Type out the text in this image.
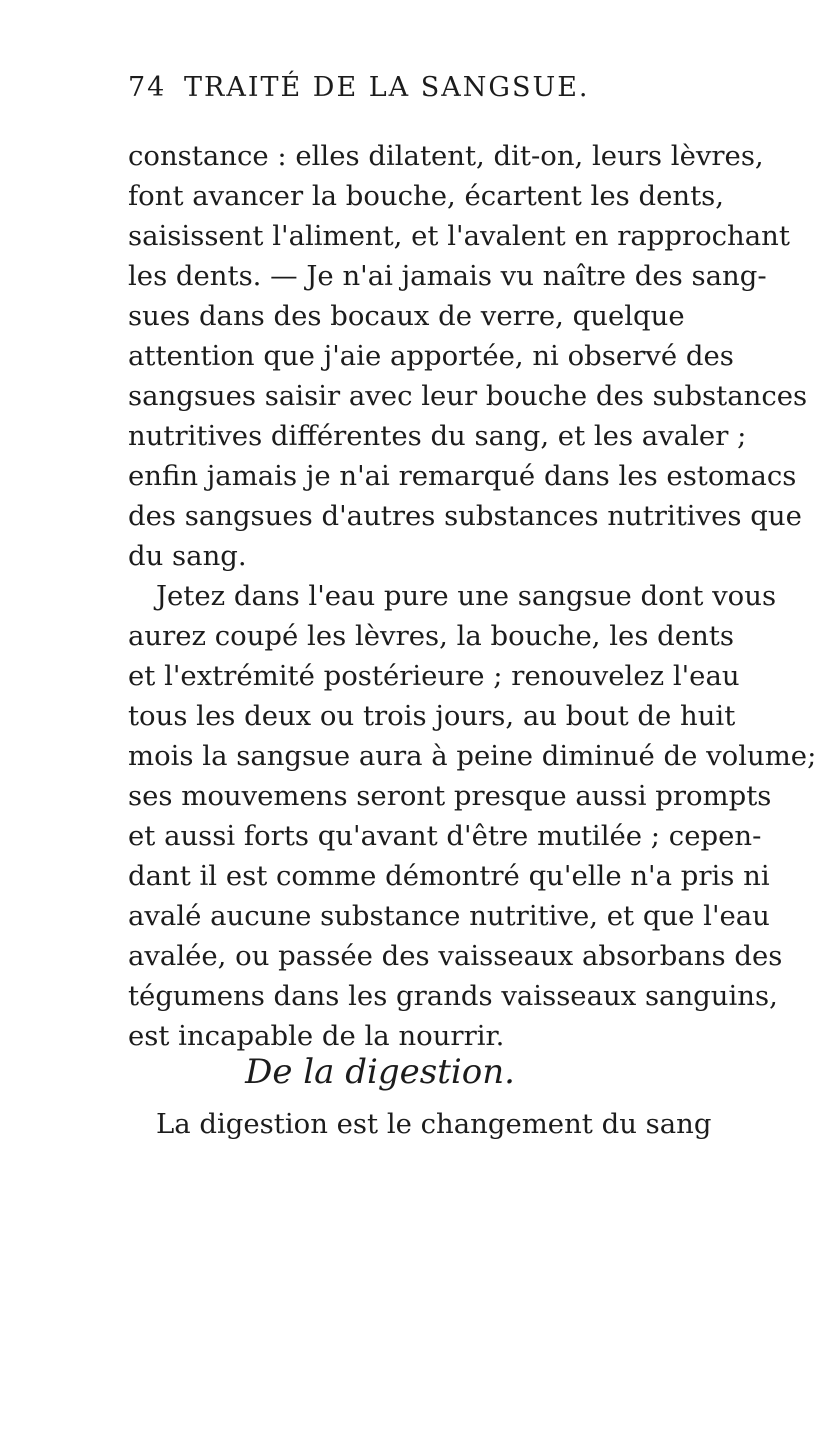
74 TRAITÉ DE LA SANGSUE.
constance : elles dilatent, dit-on, leurs lèvres,
font avancer la bouche, écartent les dents,
saisissent l'aliment, et l'avalent en rapprochant
les dents. — Je n'ai jamais vu naître des sang-
sues dans des bocaux de verre, quelque
attention que j'aie apportée, ni observé des
sangsues saisir avec leur bouche des substances
nutritives différentes du sang, et les avaler ;
enfin jamais je n'ai remarqué dans les estomacs
des sangsues d'autres substances nutritives que
du sang.
Jetez dans l'eau pure une sangsue dont vous
aurez coupé les lèvres, la bouche, les dents
et l'extrémité postérieure ; renouvelez l'eau
tous les deux ou trois jours, au bout de huit
mois la sangsue aura à peine diminué de volume;
ses mouvemens seront presque aussi prompts
et aussi forts qu'avant d'être mutilée ; cepen-
dant il est comme démontré qu'elle n'a pris ni
avalé aucune substance nutritive, et que l'eau
avalée, ou passée des vaisseaux absorbans des
tégumens dans les grands vaisseaux sanguins,
est incapable de la nourrir.
De la digestion.
La digestion est le changement du sang
